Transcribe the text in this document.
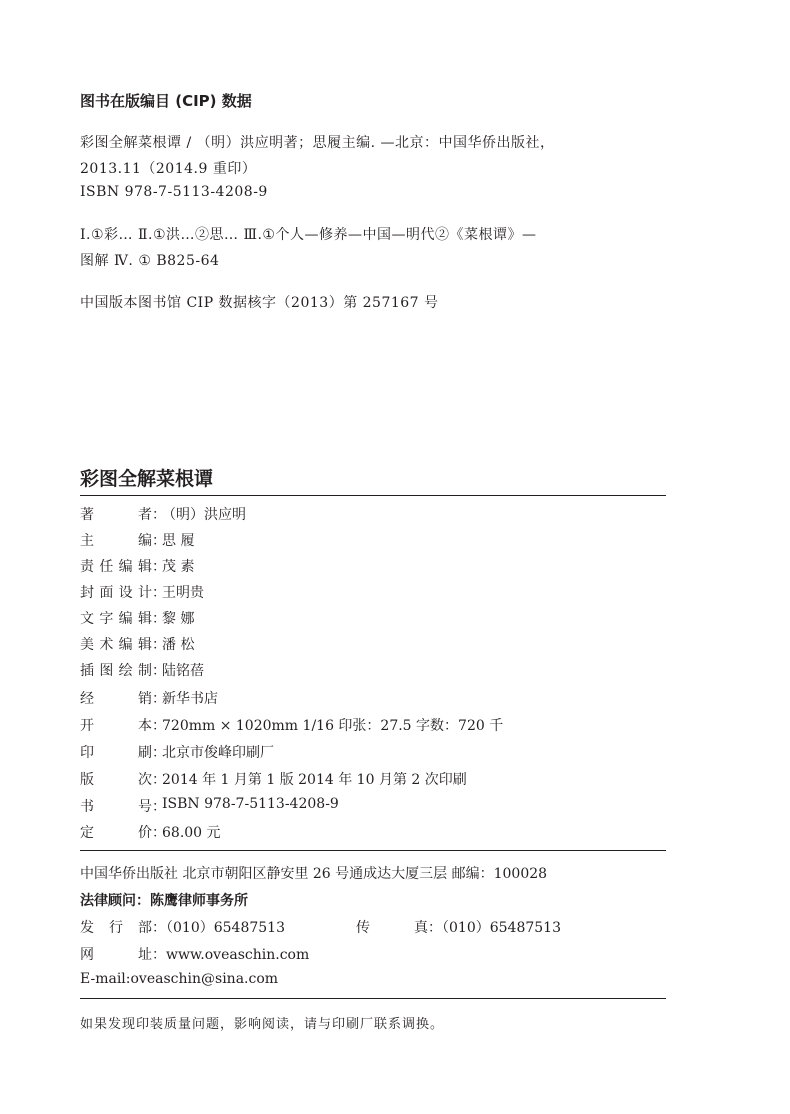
图书在版编目 (CIP) 数据
彩图全解菜根谭 / （明）洪应明著；思履主编. —北京：中国华侨出版社，
2013.11（2014.9 重印）
ISBN 978-7-5113-4208-9
Ⅰ.①彩… Ⅱ.①洪…②思… Ⅲ.①个人—修养—中国—明代②《菜根谭》—
图解 Ⅳ. ① B825-64
中国版本图书馆 CIP 数据核字（2013）第 257167 号
彩图全解菜根谭
著者 ：
（明）洪应明
主编 ：
思 履
责任编辑 ：
茂 素
封面设计 ：
王明贵
文字编辑 ：
黎 娜
美术编辑 ：
潘 松
插图绘制 ：
陆铭蓓
经销 ：
新华书店
开本 ：
720mm × 1020mm 1/16 印张：27.5 字数：720 千
印刷 ：
北京市俊峰印刷厂
版次 ：
2014 年 1 月第 1 版 2014 年 10 月第 2 次印刷
书号 ：
ISBN 978-7-5113-4208-9
定价 ：
68.00 元
中国华侨出版社 北京市朝阳区静安里 26 号通成达大厦三层 邮编：100028
法律顾问：陈鹰律师事务所
发行部：（010）65487513	传真：（010）65487513
网址：www.oveaschin.com
E-mail:oveaschin@sina.com
如果发现印装质量问题，影响阅读，请与印刷厂联系调换。
